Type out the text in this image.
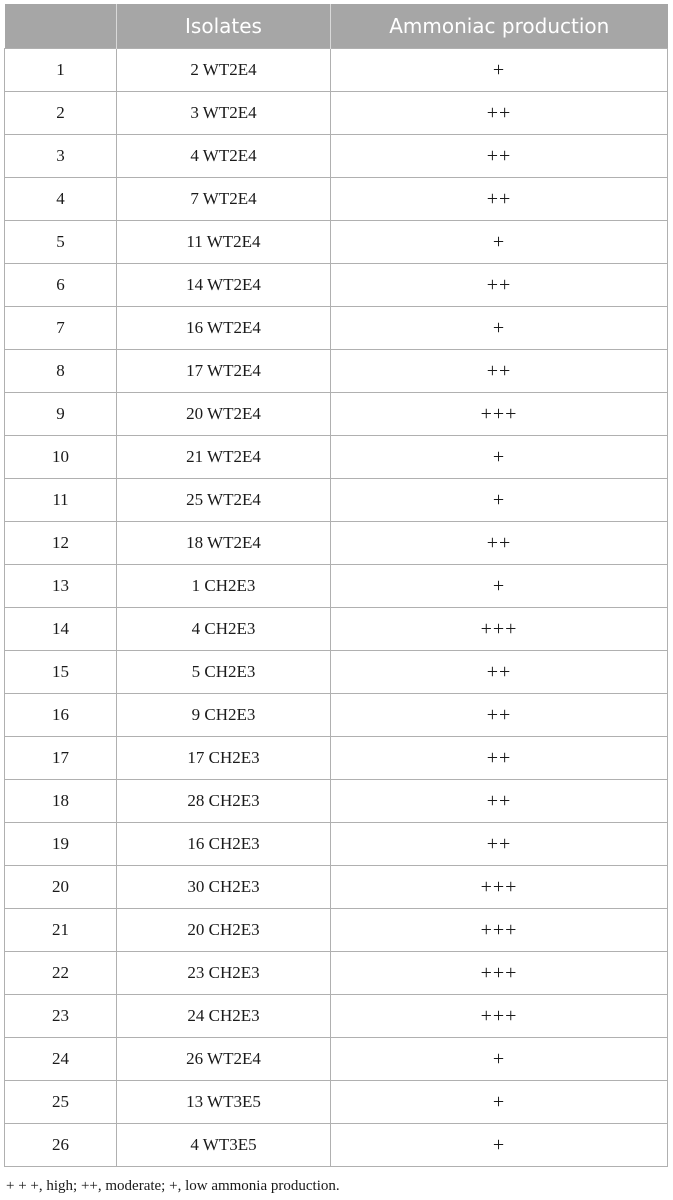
	Isolates	Ammoniac production
1	2 WT2E4	+
2	3 WT2E4	++
3	4 WT2E4	++
4	7 WT2E4	++
5	11 WT2E4	+
6	14 WT2E4	++
7	16 WT2E4	+
8	17 WT2E4	++
9	20 WT2E4	+++
10	21 WT2E4	+
11	25 WT2E4	+
12	18 WT2E4	++
13	1 CH2E3	+
14	4 CH2E3	+++
15	5 CH2E3	++
16	9 CH2E3	++
17	17 CH2E3	++
18	28 CH2E3	++
19	16 CH2E3	++
20	30 CH2E3	+++
21	20 CH2E3	+++
22	23 CH2E3	+++
23	24 CH2E3	+++
24	26 WT2E4	+
25	13 WT3E5	+
26	4 WT3E5	+
+ + +, high; ++, moderate; +, low ammonia production.
